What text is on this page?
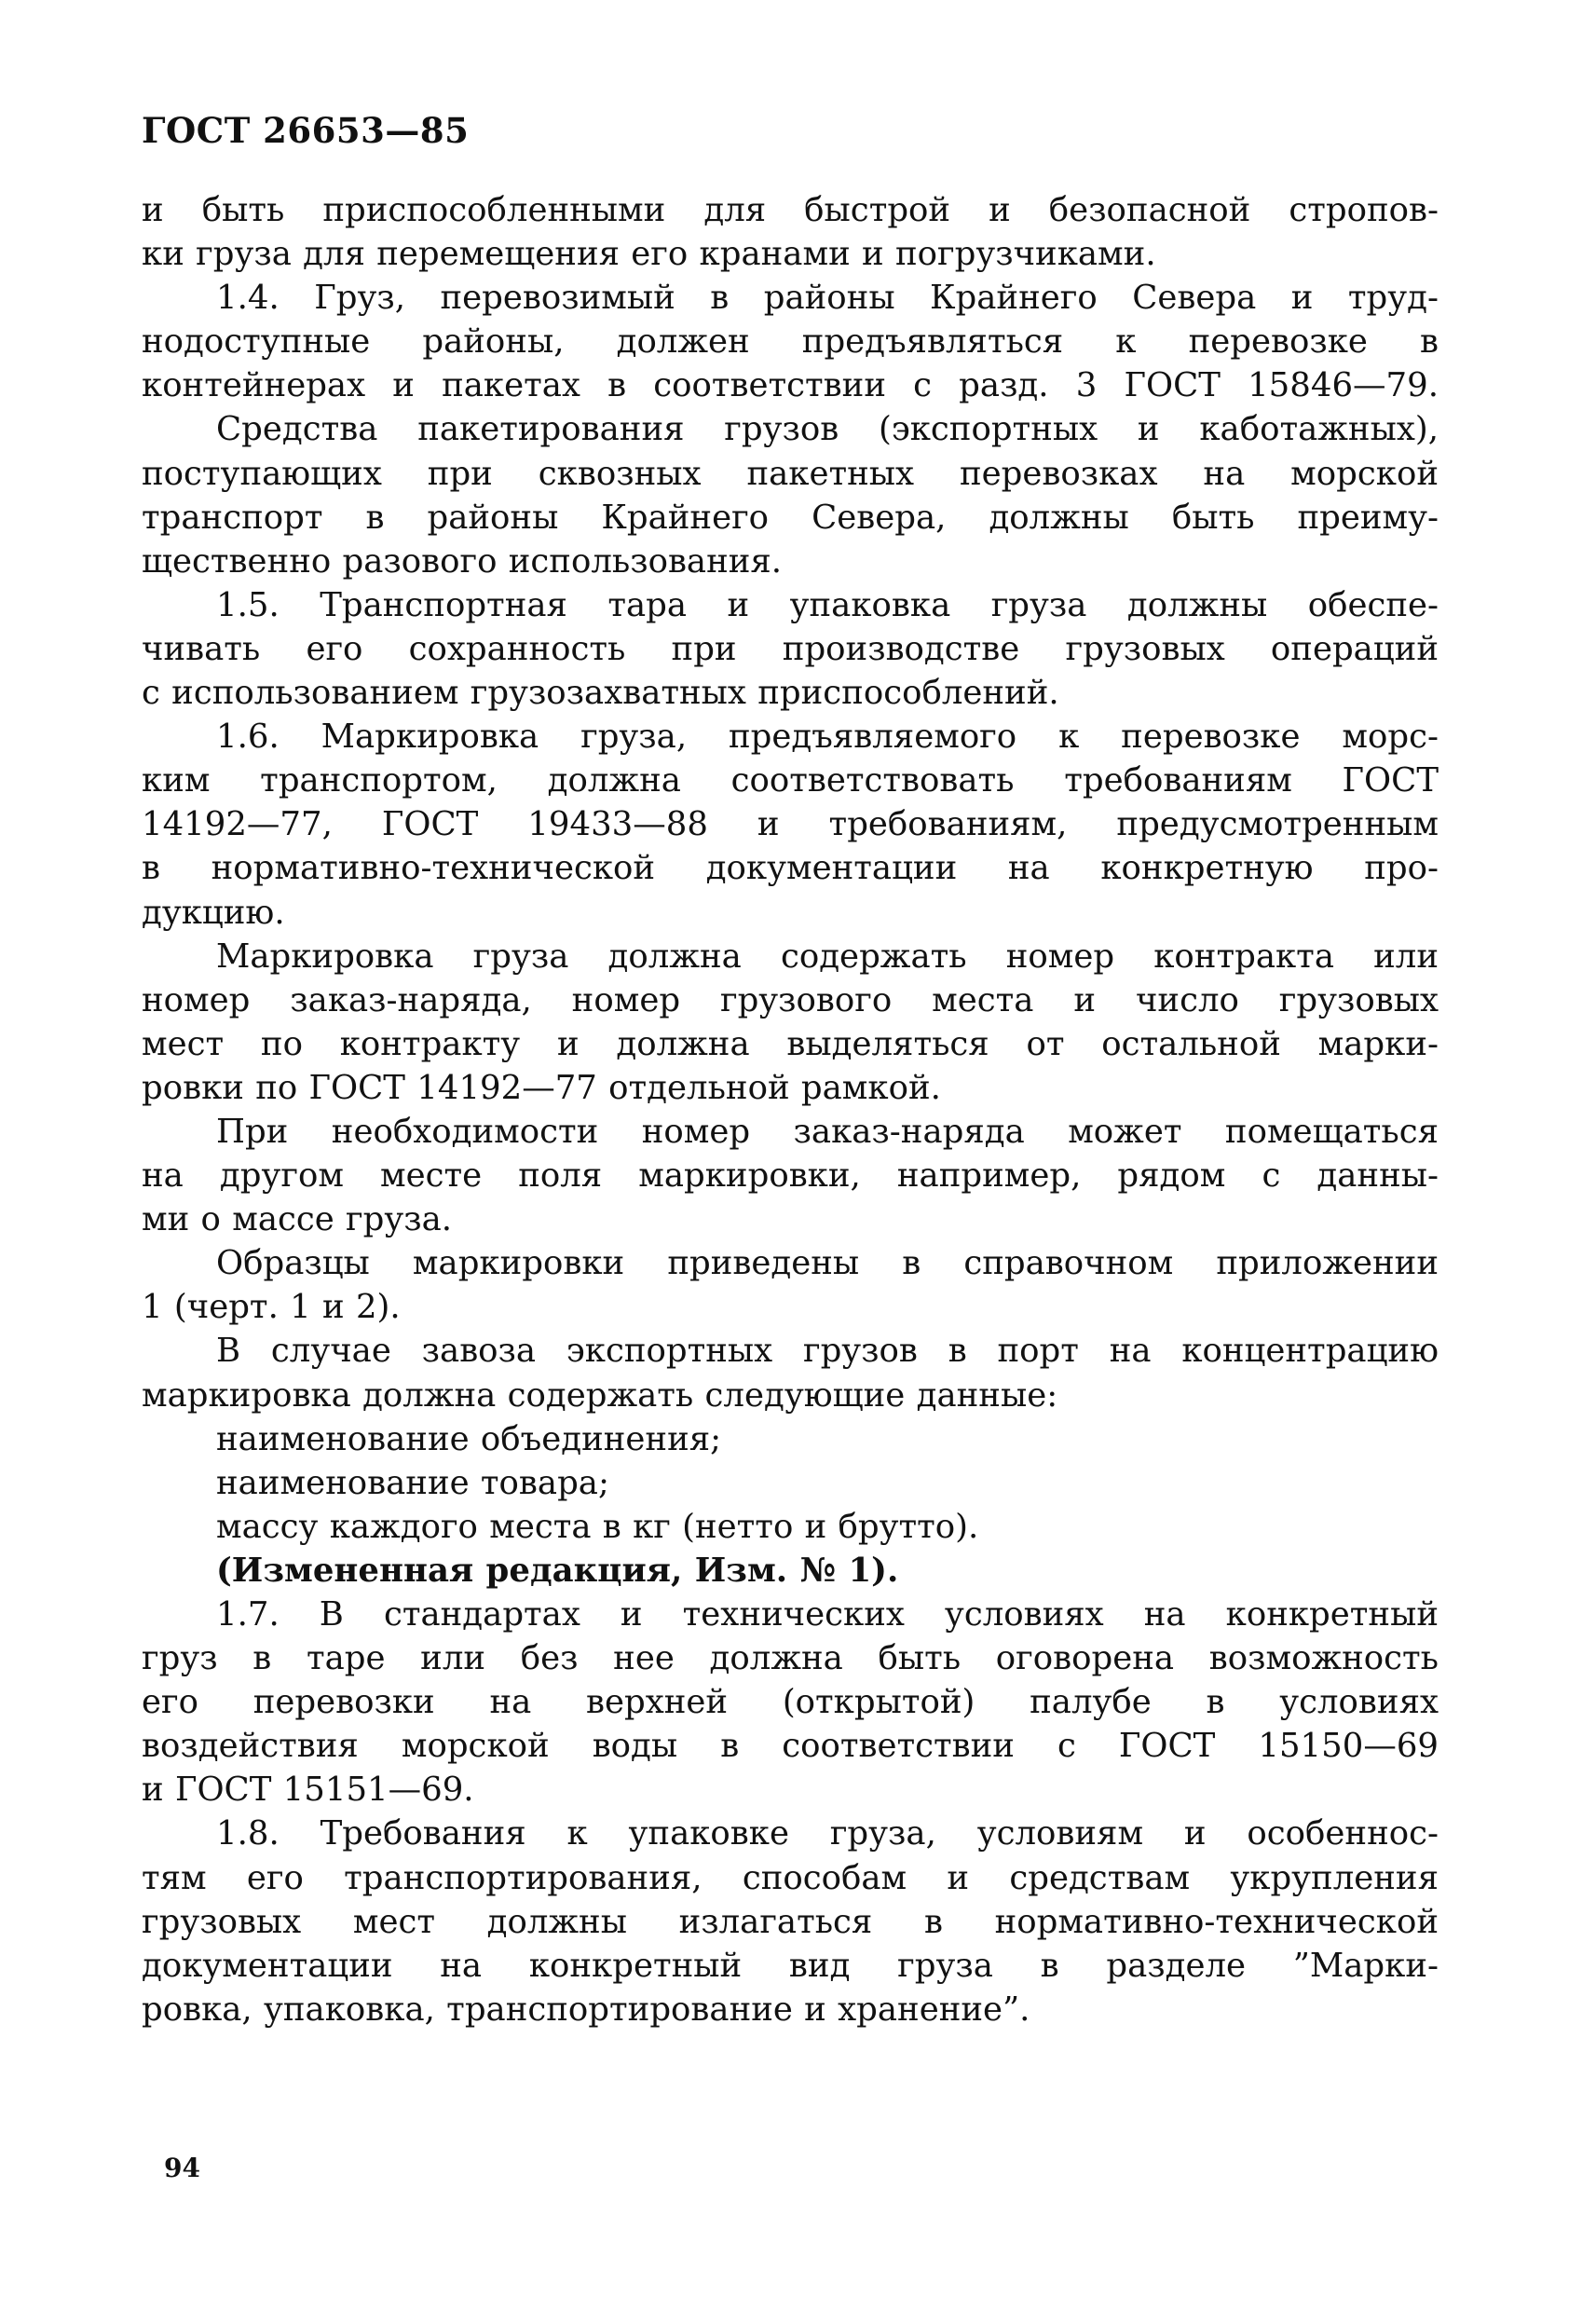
ГОСТ 26653—85
и быть приспособленными для быстрой и безопасной стропов-
ки груза для перемещения его кранами и погрузчиками.
1.4. Груз, перевозимый в районы Крайнего Севера и труд-
нодоступные районы, должен предъявляться к перевозке в
контейнерах и пакетах в соответствии с разд. 3 ГОСТ 15846—79.
Средства пакетирования грузов (экспортных и каботажных),
поступающих при сквозных пакетных перевозках на морской
транспорт в районы Крайнего Севера, должны быть преиму-
щественно разового использования.
1.5. Транспортная тара и упаковка груза должны обеспе-
чивать его сохранность при производстве грузовых операций
с использованием грузозахватных приспособлений.
1.6. Маркировка груза, предъявляемого к перевозке морс-
ким транспортом, должна соответствовать требованиям ГОСТ
14192—77, ГОСТ 19433—88 и требованиям, предусмотренным
в нормативно-технической документации на конкретную про-
дукцию.
Маркировка груза должна содержать номер контракта или
номер заказ-наряда, номер грузового места и число грузовых
мест по контракту и должна выделяться от остальной марки-
ровки по ГОСТ 14192—77 отдельной рамкой.
При необходимости номер заказ-наряда может помещаться
на другом месте поля маркировки, например, рядом с данны-
ми о массе груза.
Образцы маркировки приведены в справочном приложении
1 (черт. 1 и 2).
В случае завоза экспортных грузов в порт на концентрацию
маркировка должна содержать следующие данные:
наименование объединения;
наименование товара;
массу каждого места в кг (нетто и брутто).
(Измененная редакция, Изм. № 1).
1.7. В стандартах и технических условиях на конкретный
груз в таре или без нее должна быть оговорена возможность
его перевозки на верхней (открытой) палубе в условиях
воздействия морской воды в соответствии с ГОСТ 15150—69
и ГОСТ 15151—69.
1.8. Требования к упаковке груза, условиям и особеннос-
тям его транспортирования, способам и средствам укрупления
грузовых мест должны излагаться в нормативно-технической
документации на конкретный вид груза в разделе ”Марки-
ровка, упаковка, транспортирование и хранение”.
94
